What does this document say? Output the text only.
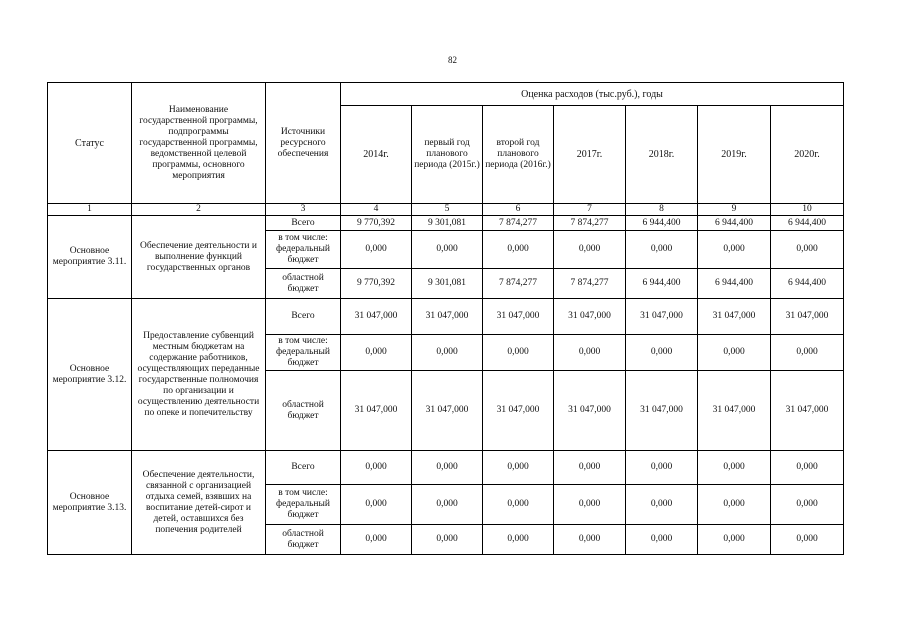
82
Статус	Наименование государственной программы, подпрограммы государственной программы, ведомственной целевой программы, основного мероприятия	Источники ресурсного обеспечения	Оценка расходов (тыс.руб.), годы						
			2014г.	первый год планового периода (2015г.)	второй год планового периода (2016г.)	2017г.	2018г.	2019г.	2020г.
1	2	3	4	5	6	7	8	9	10
Основное мероприятие 3.11.	Обеспечение деятельности и выполнение функций государственных органов	Всего	9 770,392	9 301,081	7 874,277	7 874,277	6 944,400	6 944,400	6 944,400
		в том числе: федеральный бюджет	0,000	0,000	0,000	0,000	0,000	0,000	0,000
		областной бюджет	9 770,392	9 301,081	7 874,277	7 874,277	6 944,400	6 944,400	6 944,400
Основное мероприятие 3.12.	Предоставление субвенций местным бюджетам на содержание работников, осуществляющих переданные государственные полномочия по организации и осуществлению деятельности по опеке и попечительству	Всего	31 047,000	31 047,000	31 047,000	31 047,000	31 047,000	31 047,000	31 047,000
		в том числе: федеральный бюджет	0,000	0,000	0,000	0,000	0,000	0,000	0,000
		областной бюджет	31 047,000	31 047,000	31 047,000	31 047,000	31 047,000	31 047,000	31 047,000
Основное мероприятие 3.13.	Обеспечение деятельности, связанной с организацией отдыха семей, взявших на воспитание детей-сирот и детей, оставшихся без попечения родителей	Всего	0,000	0,000	0,000	0,000	0,000	0,000	0,000
		в том числе: федеральный бюджет	0,000	0,000	0,000	0,000	0,000	0,000	0,000
		областной бюджет	0,000	0,000	0,000	0,000	0,000	0,000	0,000
